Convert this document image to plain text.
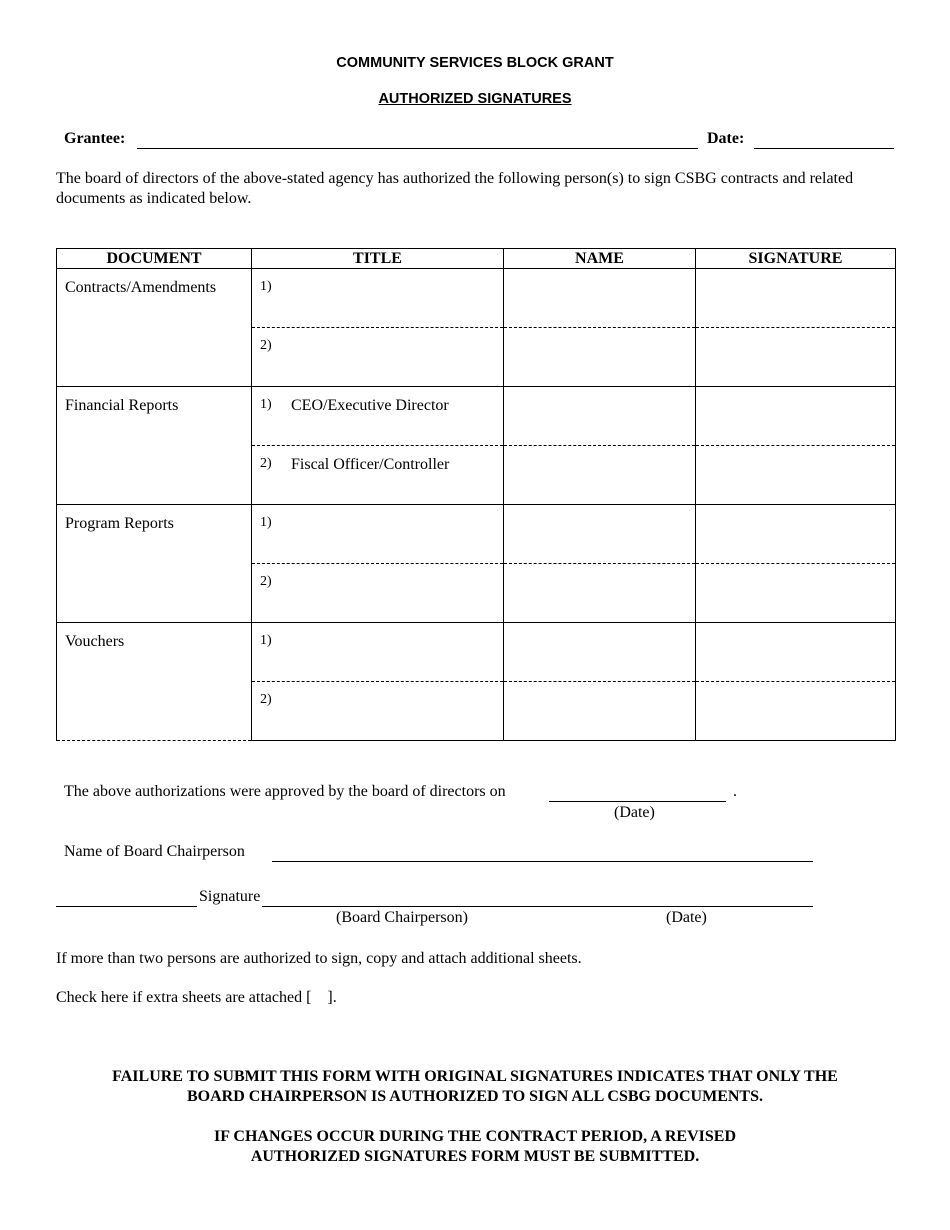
COMMUNITY SERVICES BLOCK GRANT
AUTHORIZED SIGNATURES
Grantee:	Date:
The board of directors of the above-stated agency has authorized the following person(s) to sign CSBG contracts and related documents as indicated below.
DOCUMENT	TITLE	NAME	SIGNATURE
Contracts/Amendments	1)		

	2)		

Financial Reports	1) CEO/Executive Director		

	2) Fiscal Officer/Controller		

Program Reports	1)		

	2)		

Vouchers	1)		

	2)		

The above authorizations were approved by the board of directors on	.
(Date)
Name of Board Chairperson
Signature
(Board Chairperson)	(Date)
If more than two persons are authorized to sign, copy and attach additional sheets.
Check here if extra sheets are attached [    ].
FAILURE TO SUBMIT THIS FORM WITH ORIGINAL SIGNATURES INDICATES THAT ONLY THE
BOARD CHAIRPERSON IS AUTHORIZED TO SIGN ALL CSBG DOCUMENTS.
IF CHANGES OCCUR DURING THE CONTRACT PERIOD, A REVISED
AUTHORIZED SIGNATURES FORM MUST BE SUBMITTED.
